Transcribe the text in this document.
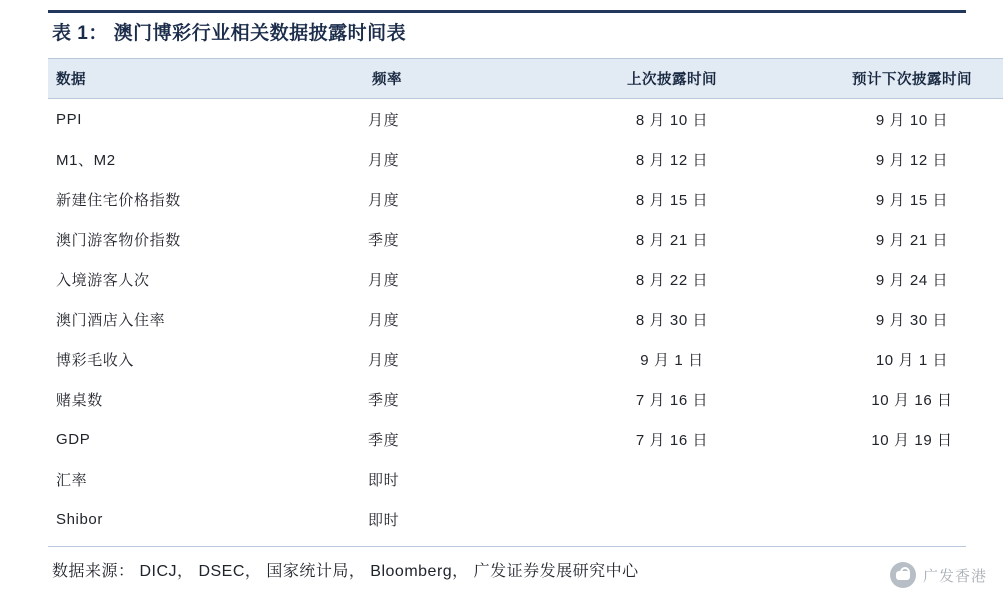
表 1： 澳门博彩行业相关数据披露时间表
数据	频率	上次披露时间	预计下次披露时间
PPI	月度	8 月 10 日	9 月 10 日
M1、M2	月度	8 月 12 日	9 月 12 日
新建住宅价格指数	月度	8 月 15 日	9 月 15 日
澳门游客物价指数	季度	8 月 21 日	9 月 21 日
入境游客人次	月度	8 月 22 日	9 月 24 日
澳门酒店入住率	月度	8 月 30 日	9 月 30 日
博彩毛收入	月度	9 月 1 日	10 月 1 日
赌桌数	季度	7 月 16 日	10 月 16 日
GDP	季度	7 月 16 日	10 月 19 日
汇率	即时		
Shibor	即时		
数据来源： DICJ， DSEC， 国家统计局， Bloomberg， 广发证券发展研究中心	广发香港
